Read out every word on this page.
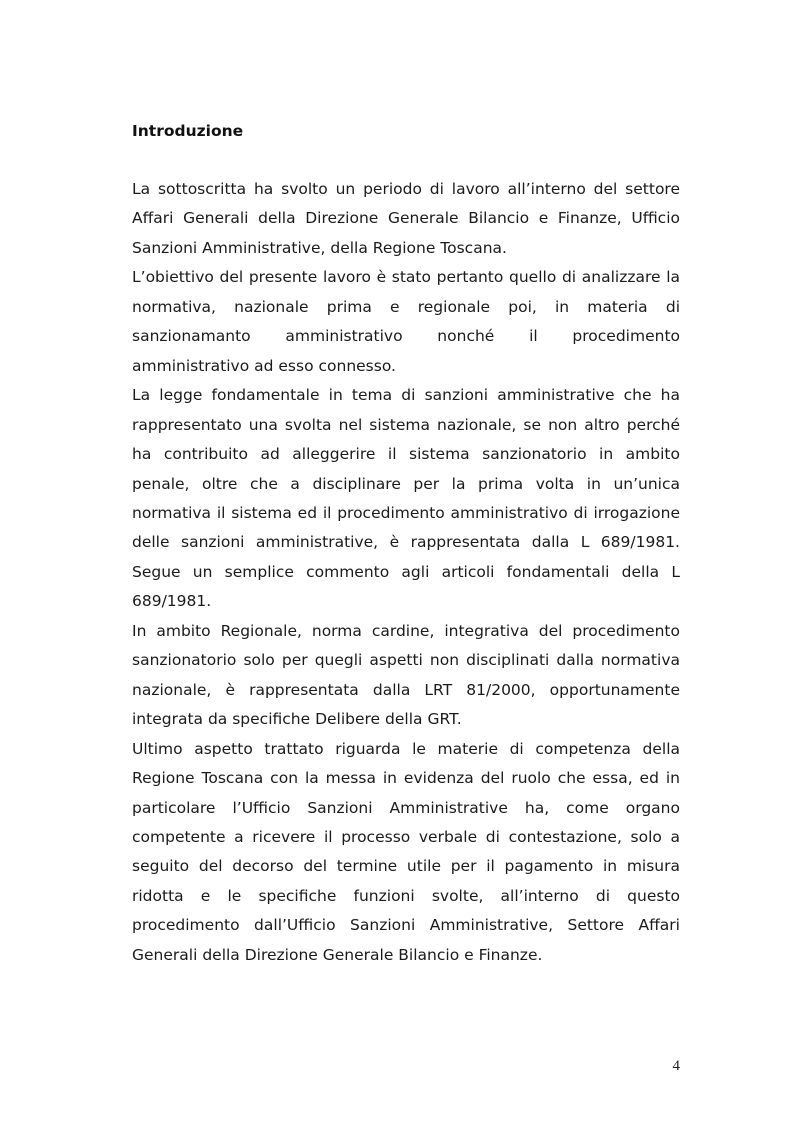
Introduzione

La sottoscritta ha svolto un periodo di lavoro all’interno del settore Affari Generali della Direzione Generale Bilancio e Finanze, Ufficio Sanzioni Amministrative, della Regione Toscana.

L’obiettivo del presente lavoro è stato pertanto quello di analizzare la normativa, nazionale prima e regionale poi, in materia di sanzionamanto amministrativo nonché il procedimento amministrativo ad esso connesso.

La legge fondamentale in tema di sanzioni amministrative che ha rappresentato una svolta nel sistema nazionale, se non altro perché ha contribuito ad alleggerire il sistema sanzionatorio in ambito penale, oltre che a disciplinare per la prima volta in un’unica normativa il sistema ed il procedimento amministrativo di irrogazione delle sanzioni amministrative, è rappresentata dalla L 689/1981. Segue un semplice commento agli articoli fondamentali della L 689/1981.

In ambito Regionale, norma cardine, integrativa del procedimento sanzionatorio solo per quegli aspetti non disciplinati dalla normativa nazionale, è rappresentata dalla LRT 81/2000, opportunamente integrata da specifiche Delibere della GRT.

Ultimo aspetto trattato riguarda le materie di competenza della Regione Toscana con la messa in evidenza del ruolo che essa, ed in particolare l’Ufficio Sanzioni Amministrative ha, come organo competente a ricevere il processo verbale di contestazione, solo a seguito del decorso del termine utile per il pagamento in misura ridotta e le specifiche funzioni svolte, all’interno di questo procedimento dall’Ufficio Sanzioni Amministrative, Settore Affari Generali della Direzione Generale Bilancio e Finanze.

4
